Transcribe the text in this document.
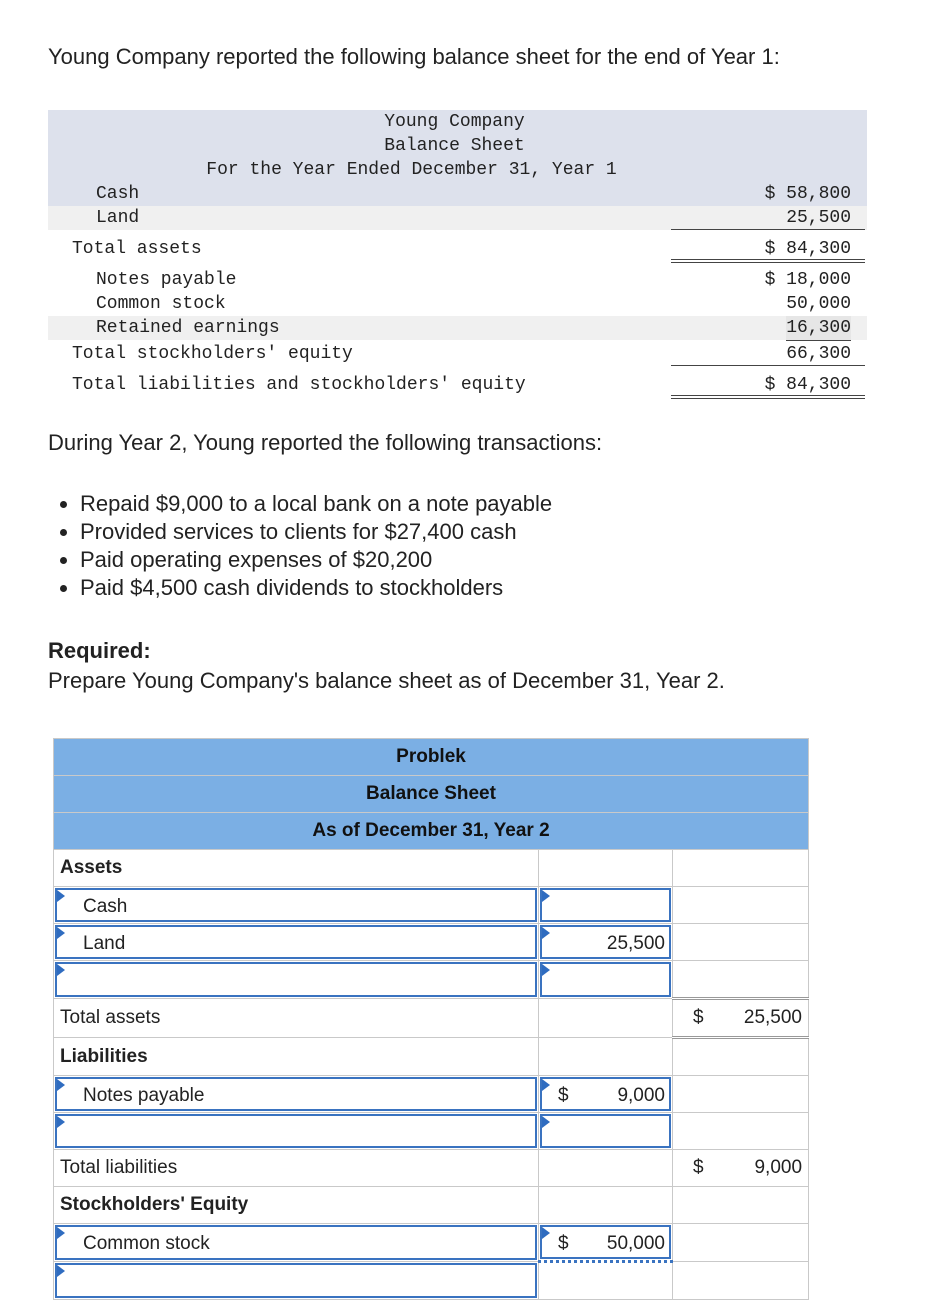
Young Company reported the following balance sheet for the end of Year 1:

Young Company
Balance Sheet
For the Year Ended December 31, Year 1
Cash	$ 58,800
Land	25,500
Total assets	$ 84,300
Notes payable	$ 18,000
Common stock	50,000
Retained earnings	16,300
Total stockholders' equity	66,300
Total liabilities and stockholders' equity	$ 84,300

During Year 2, Young reported the following transactions:

• Repaid $9,000 to a local bank on a note payable
• Provided services to clients for $27,400 cash
• Paid operating expenses of $20,200
• Paid $4,500 cash dividends to stockholders
Required:
Prepare Young Company's balance sheet as of December 31, Year 2.
Problek		
Balance Sheet		
As of December 31, Year 2		
Assets		

Cash		

Land	25,500	

Total assets		$ 25,500

Liabilities		

Notes payable	$ 9,000	

Total liabilities		$ 9,000

Stockholders' Equity		

Common stock	$ 50,000	
